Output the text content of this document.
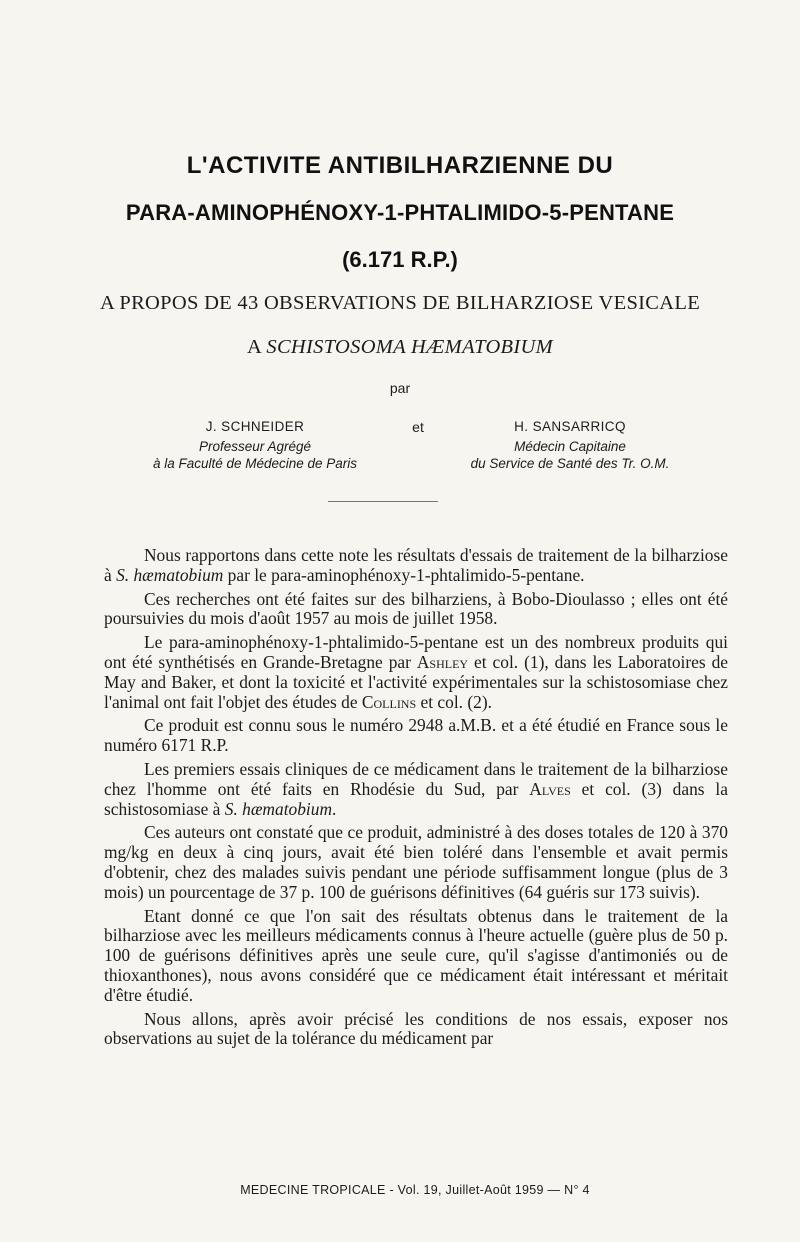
L'ACTIVITE ANTIBILHARZIENNE DU
PARA-AMINOPHÉNOXY-1-PHTALIMIDO-5-PENTANE
(6.171 R.P.)
A PROPOS DE 43 OBSERVATIONS DE BILHARZIOSE VESICALE
A SCHISTOSOMA HÆMATOBIUM
par
J. SCHNEIDER
Professeur Agrégé
à la Faculté de Médecine de Paris
et	H. SANSARRICQ
Médecin Capitaine
du Service de Santé des Tr. O.M.

Nous rapportons dans cette note les résultats d'essais de traitement de la bilharziose à S. hæmatobium par le para-aminophénoxy-1-phtalimido-5-pentane.

Ces recherches ont été faites sur des bilharziens, à Bobo-Dioulasso ; elles ont été poursuivies du mois d'août 1957 au mois de juillet 1958.

Le para-aminophénoxy-1-phtalimido-5-pentane est un des nombreux produits qui ont été synthétisés en Grande-Bretagne par Ashley et col. (1), dans les Laboratoires de May and Baker, et dont la toxicité et l'activité expérimentales sur la schistosomiase chez l'animal ont fait l'objet des études de Collins et col. (2).

Ce produit est connu sous le numéro 2948 a.M.B. et a été étudié en France sous le numéro 6171 R.P.

Les premiers essais cliniques de ce médicament dans le traitement de la bilharziose chez l'homme ont été faits en Rhodésie du Sud, par Alves et col. (3) dans la schistosomiase à S. hæmatobium.

Ces auteurs ont constaté que ce produit, administré à des doses totales de 120 à 370 mg/kg en deux à cinq jours, avait été bien toléré dans l'ensemble et avait permis d'obtenir, chez des malades suivis pendant une période suffisamment longue (plus de 3 mois) un pourcentage de 37 p. 100 de guérisons définitives (64 guéris sur 173 suivis).

Etant donné ce que l'on sait des résultats obtenus dans le traitement de la bilharziose avec les meilleurs médicaments connus à l'heure actuelle (guère plus de 50 p. 100 de guérisons définitives après une seule cure, qu'il s'agisse d'antimoniés ou de thioxanthones), nous avons considéré que ce médicament était intéressant et méritait d'être étudié.

Nous allons, après avoir précisé les conditions de nos essais, exposer nos observations au sujet de la tolérance du médicament par

MEDECINE TROPICALE - Vol. 19, Juillet-Août 1959 — N° 4
